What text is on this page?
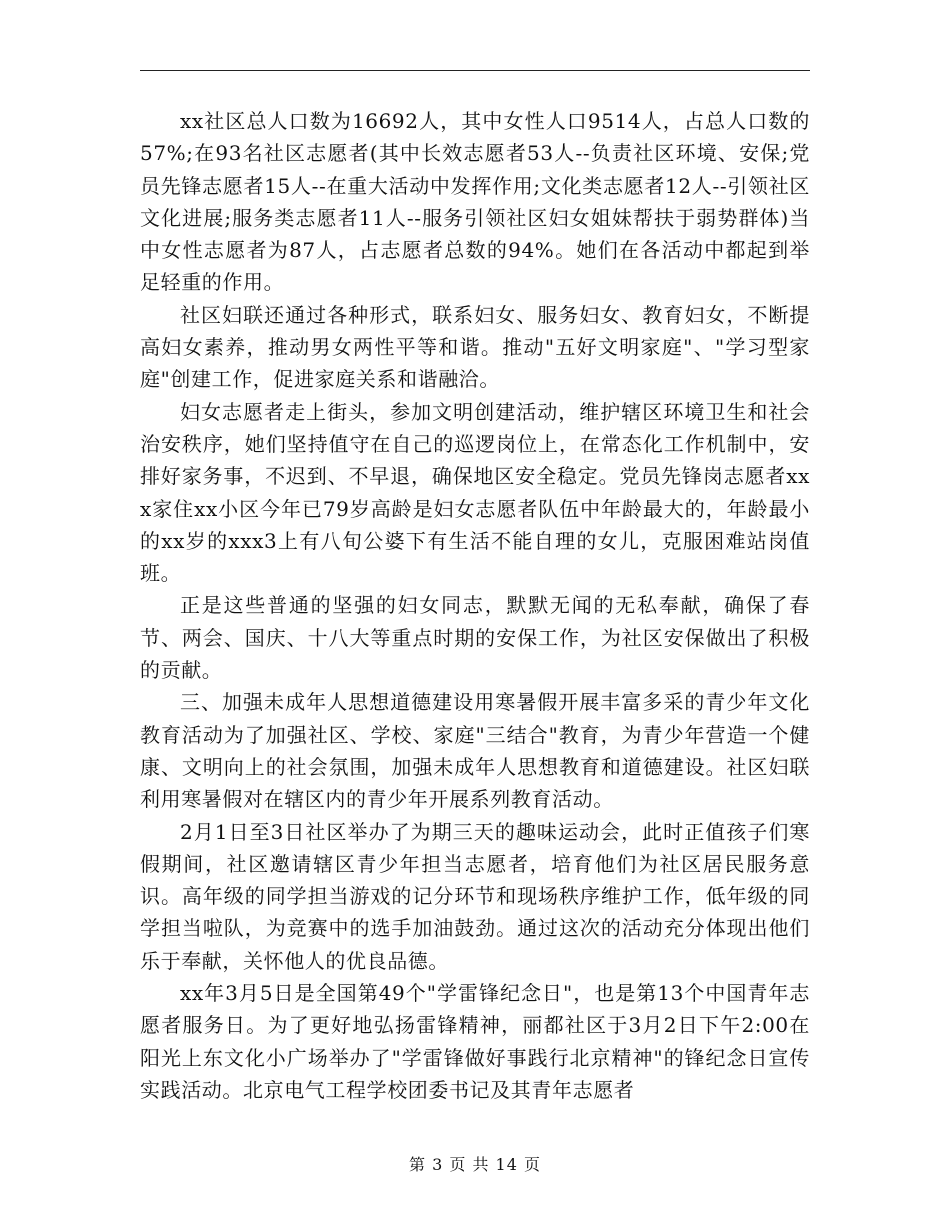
xx社区总人口数为16692人，其中女性人口9514人，占总人口数的57%;在93名社区志愿者(其中长效志愿者53人--负责社区环境、安保;党员先锋志愿者15人--在重大活动中发挥作用;文化类志愿者12人--引领社区文化进展;服务类志愿者11人--服务引领社区妇女姐妹帮扶于弱势群体)当中女性志愿者为87人，占志愿者总数的94%。她们在各活动中都起到举足轻重的作用。

社区妇联还通过各种形式，联系妇女、服务妇女、教育妇女，不断提高妇女素养，推动男女两性平等和谐。推动"五好文明家庭"、"学习型家庭"创建工作，促进家庭关系和谐融洽。

妇女志愿者走上街头，参加文明创建活动，维护辖区环境卫生和社会治安秩序，她们坚持值守在自己的巡逻岗位上，在常态化工作机制中，安排好家务事，不迟到、不早退，确保地区安全稳定。党员先锋岗志愿者xxx家住xx小区今年已79岁高龄是妇女志愿者队伍中年龄最大的，年龄最小的xx岁的xxx3上有八旬公婆下有生活不能自理的女儿，克服困难站岗值班。

正是这些普通的坚强的妇女同志，默默无闻的无私奉献，确保了春节、两会、国庆、十八大等重点时期的安保工作，为社区安保做出了积极的贡献。

三、加强未成年人思想道德建设用寒暑假开展丰富多采的青少年文化教育活动为了加强社区、学校、家庭"三结合"教育，为青少年营造一个健康、文明向上的社会氛围，加强未成年人思想教育和道德建设。社区妇联利用寒暑假对在辖区内的青少年开展系列教育活动。

2月1日至3日社区举办了为期三天的趣味运动会，此时正值孩子们寒假期间，社区邀请辖区青少年担当志愿者，培育他们为社区居民服务意识。高年级的同学担当游戏的记分环节和现场秩序维护工作，低年级的同学担当啦队，为竞赛中的选手加油鼓劲。通过这次的活动充分体现出他们乐于奉献，关怀他人的优良品德。

xx年3月5日是全国第49个"学雷锋纪念日"，也是第13个中国青年志愿者服务日。为了更好地弘扬雷锋精神，丽都社区于3月2日下午2:00在阳光上东文化小广场举办了"学雷锋做好事践行北京精神"的锋纪念日宣传实践活动。北京电气工程学校团委书记及其青年志愿者

第 3 页 共 14 页
